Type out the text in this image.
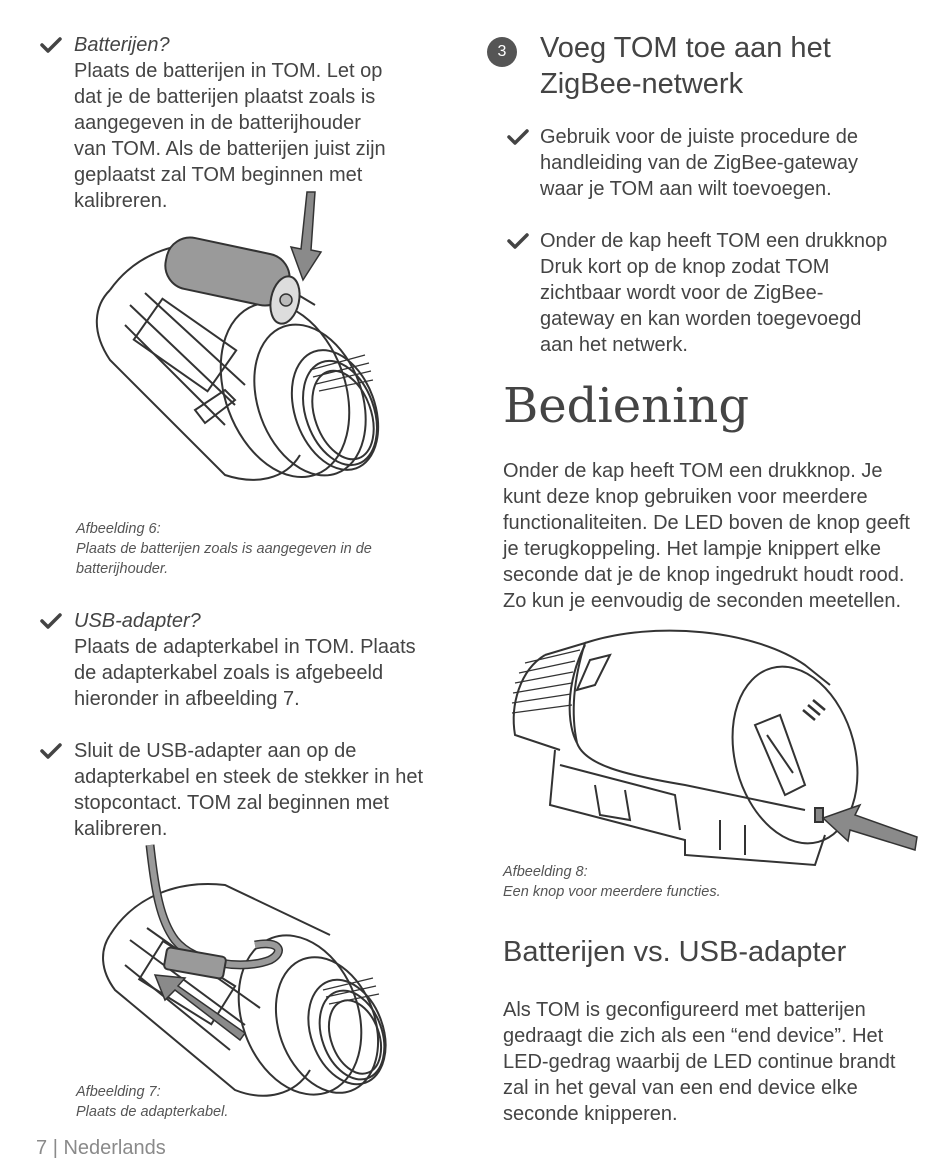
Batterijen?
Plaats de batterijen in TOM. Let op
dat je de batterijen plaatst zoals is
aangegeven in de batterijhouder
van TOM. Als de batterijen juist zijn
geplaatst zal TOM beginnen met
kalibreren.
Afbeelding 6:
Plaats de batterijen zoals is aangegeven in de
batterijhouder.
USB-adapter?
Plaats de adapterkabel in TOM. Plaats
de adapterkabel zoals is afgebeeld
hieronder in afbeelding 7.
Sluit de USB-adapter aan op de
adapterkabel en steek de stekker in het
stopcontact. TOM zal beginnen met
kalibreren.
Afbeelding 7:
Plaats de adapterkabel.
7 | Nederlands
3	Voeg TOM toe aan het
ZigBee-netwerk
Gebruik voor de juiste procedure de
handleiding van de ZigBee-gateway
waar je TOM aan wilt toevoegen.
Onder de kap heeft TOM een drukknop
Druk kort op de knop zodat TOM
zichtbaar wordt voor de ZigBee-
gateway en kan worden toegevoegd
aan het netwerk.
Bediening
Onder de kap heeft TOM een drukknop. Je
kunt deze knop gebruiken voor meerdere
functionaliteiten. De LED boven de knop geeft
je terugkoppeling. Het lampje knippert elke
seconde dat je de knop ingedrukt houdt rood.
Zo kun je eenvoudig de seconden meetellen.
Afbeelding 8:
Een knop voor meerdere functies.
Batterijen vs. USB-adapter
Als TOM is geconfigureerd met batterijen
gedraagt die zich als een “end device”. Het
LED-gedrag waarbij de LED continue brandt
zal in het geval van een end device elke
seconde knipperen.
